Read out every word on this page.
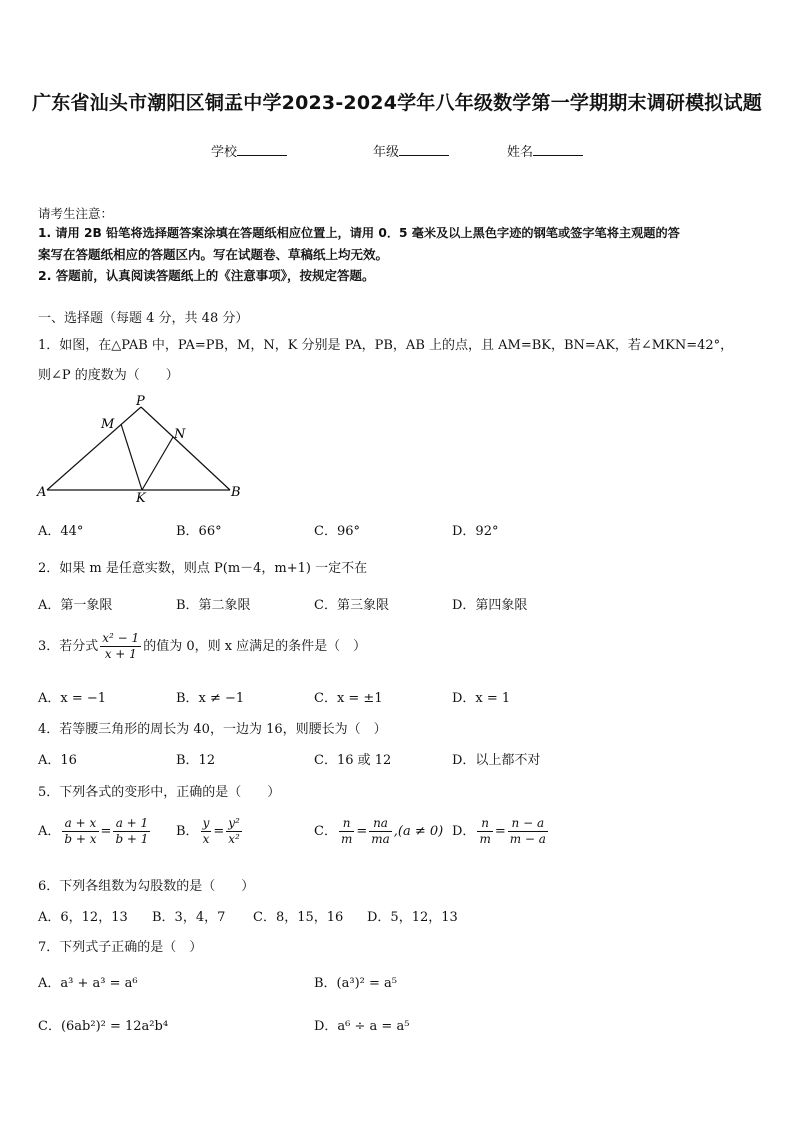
广东省汕头市潮阳区铜盂中学2023-2024学年八年级数学第一学期期末调研模拟试题
学校	年级	姓名
请考生注意：
1. 请用 2B 铅笔将选择题答案涂填在答题纸相应位置上，请用 0．5 毫米及以上黑色字迹的钢笔或签字笔将主观题的答
案写在答题纸相应的答题区内。写在试题卷、草稿纸上均无效。
2. 答题前，认真阅读答题纸上的《注意事项》，按规定答题。
一、选择题（每题 4 分，共 48 分）
1．如图，在△PAB 中，PA=PB，M，N，K 分别是 PA，PB，AB 上的点，且 AM=BK，BN=AK，若∠MKN=42°，
则∠P 的度数为（　　）
P
M
N
A	K	B
A．44°	B．66°	C．96°	D．92°
2．如果 m 是任意实数，则点 P(m－4，m+1) 一定不在
A．第一象限	B．第二象限	C．第三象限	D．第四象限
3．若分式 $\frac{\text{x² − 1}}{x + 1}$ 的值为 0，则 x 应满足的条件是（　）
A．x = −1	B．x ≠ −1	C．x = ±1	D．x = 1
4．若等腰三角形的周长为 40，一边为 16，则腰长为（　）
A．16	B．12	C．16 或 12	D．以上都不对
5．下列各式的变形中，正确的是（　　）
A． $\frac{a + x}{b + x} = \frac{a + 1}{b + 1}$ B． $\frac{y}{x} = \frac{\text{y²}}{\text{x²}}$	C． $\frac{n}{m} = \frac{na}{ma} ,(a \ne 0)$ D． $\frac{n}{m} = \frac{n - a}{m - a}$
6．下列各组数为勾股数的是（　　）
A．6，12，13 B．3，4，7 C．8，15，16 D．5，12，13
7．下列式子正确的是（　）
A．a³ + a³ = a⁶	B．(a³)² = a⁵
C．(6ab²)² = 12a²b⁴	D．a⁶ ÷ a = a⁵
